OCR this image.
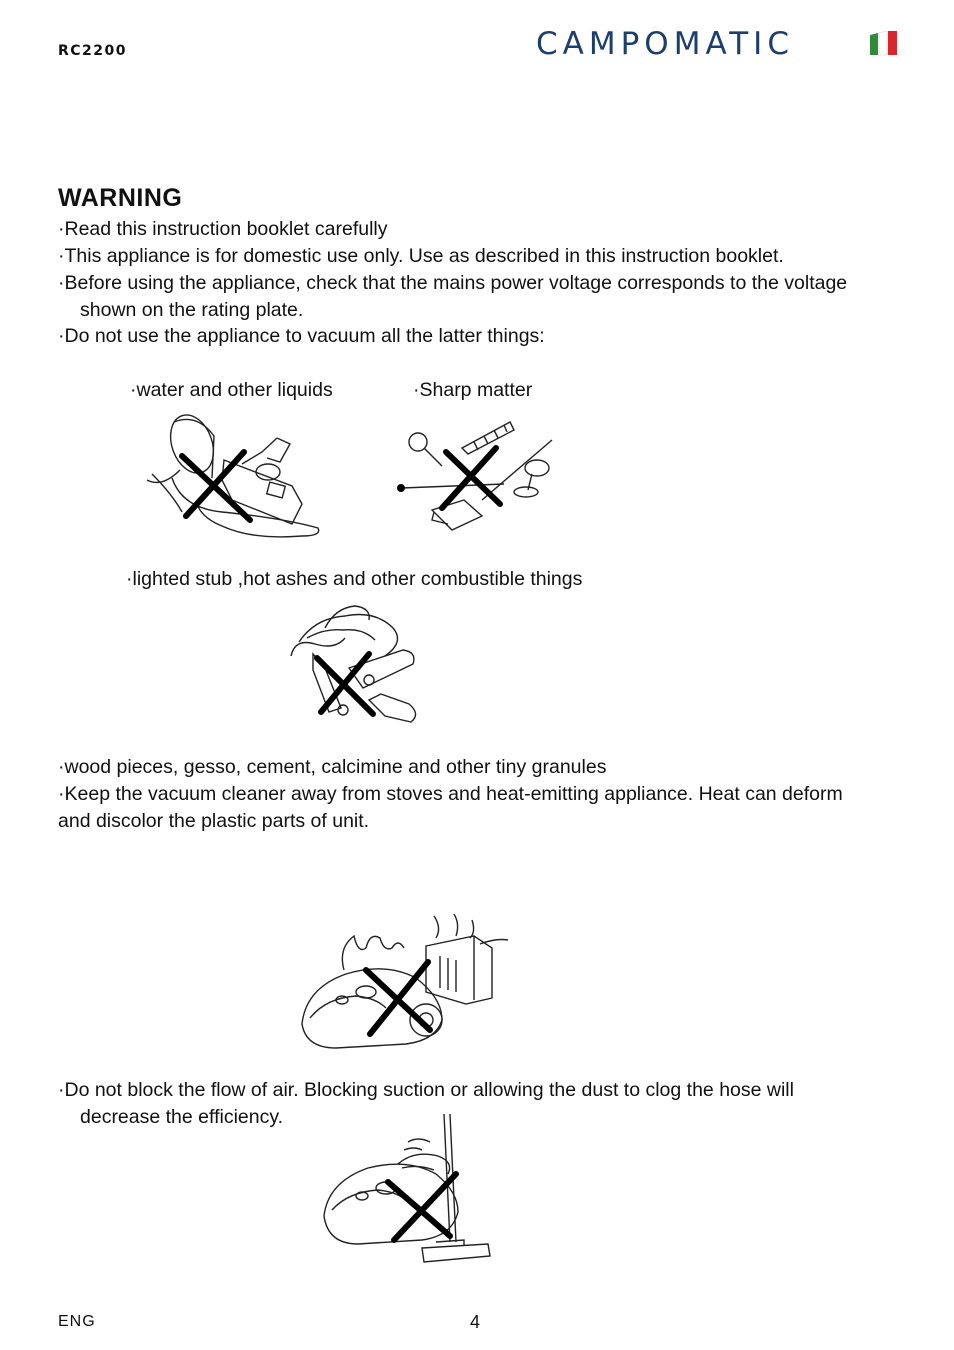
RC2200	CAMPOMATIC
WARNING
·Read this instruction booklet carefully
·This appliance is for domestic use only. Use as described in this instruction booklet.
·Before using the appliance, check that the mains power voltage corresponds to the voltage
shown on the rating plate.
·Do not use the appliance to vacuum all the latter things:
·water and other liquids	·Sharp matter
·lighted stub ,hot ashes and other combustible things
·wood pieces, gesso, cement, calcimine and other tiny granules
·Keep the vacuum cleaner away from stoves and heat-emitting appliance. Heat can deform
and discolor the plastic parts of unit.
·Do not block the flow of air. Blocking suction or allowing the dust to clog the hose will
decrease the efficiency.
ENG	4
